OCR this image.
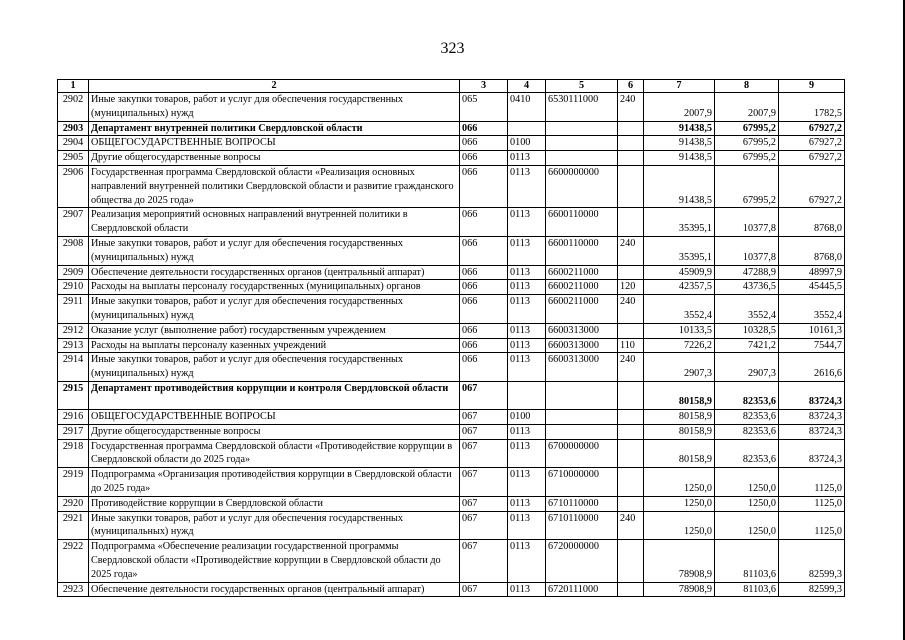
323
1	2	3	4	5	6	7	8	9
2902	Иные закупки товаров, работ и услуг для обеспечения государственных (муниципальных) нужд	065	0410	6530111000	240	2007,9	2007,9	1782,5
2903	Департамент внутренней политики Свердловской области	066				91438,5	67995,2	67927,2
2904	ОБЩЕГОСУДАРСТВЕННЫЕ ВОПРОСЫ	066	0100			91438,5	67995,2	67927,2
2905	Другие общегосударственные вопросы	066	0113			91438,5	67995,2	67927,2
2906	Государственная программа Свердловской области «Реализация основных направлений внутренней политики Свердловской области и развитие гражданского общества до 2025 года»	066	0113	6600000000		91438,5	67995,2	67927,2
2907	Реализация мероприятий основных направлений внутренней политики в Свердловской области	066	0113	6600110000		35395,1	10377,8	8768,0
2908	Иные закупки товаров, работ и услуг для обеспечения государственных (муниципальных) нужд	066	0113	6600110000	240	35395,1	10377,8	8768,0
2909	Обеспечение деятельности государственных органов (центральный аппарат)	066	0113	6600211000		45909,9	47288,9	48997,9
2910	Расходы на выплаты персоналу государственных (муниципальных) органов	066	0113	6600211000	120	42357,5	43736,5	45445,5
2911	Иные закупки товаров, работ и услуг для обеспечения государственных (муниципальных) нужд	066	0113	6600211000	240	3552,4	3552,4	3552,4
2912	Оказание услуг (выполнение работ) государственным учреждением	066	0113	6600313000		10133,5	10328,5	10161,3
2913	Расходы на выплаты персоналу казенных учреждений	066	0113	6600313000	110	7226,2	7421,2	7544,7
2914	Иные закупки товаров, работ и услуг для обеспечения государственных (муниципальных) нужд	066	0113	6600313000	240	2907,3	2907,3	2616,6
2915	Департамент противодействия коррупции и контроля Свердловской области	067				80158,9	82353,6	83724,3
2916	ОБЩЕГОСУДАРСТВЕННЫЕ ВОПРОСЫ	067	0100			80158,9	82353,6	83724,3
2917	Другие общегосударственные вопросы	067	0113			80158,9	82353,6	83724,3
2918	Государственная программа Свердловской области «Противодействие коррупции в Свердловской области до 2025 года»	067	0113	6700000000		80158,9	82353,6	83724,3
2919	Подпрограмма «Организация противодействия коррупции в Свердловской области до 2025 года»	067	0113	6710000000		1250,0	1250,0	1125,0
2920	Противодействие коррупции в Свердловской области	067	0113	6710110000		1250,0	1250,0	1125,0
2921	Иные закупки товаров, работ и услуг для обеспечения государственных (муниципальных) нужд	067	0113	6710110000	240	1250,0	1250,0	1125,0
2922	Подпрограмма «Обеспечение реализации государственной программы Свердловской области «Противодействие коррупции в Свердловской области до 2025 года»	067	0113	6720000000		78908,9	81103,6	82599,3
2923	Обеспечение деятельности государственных органов (центральный аппарат)	067	0113	6720111000		78908,9	81103,6	82599,3
